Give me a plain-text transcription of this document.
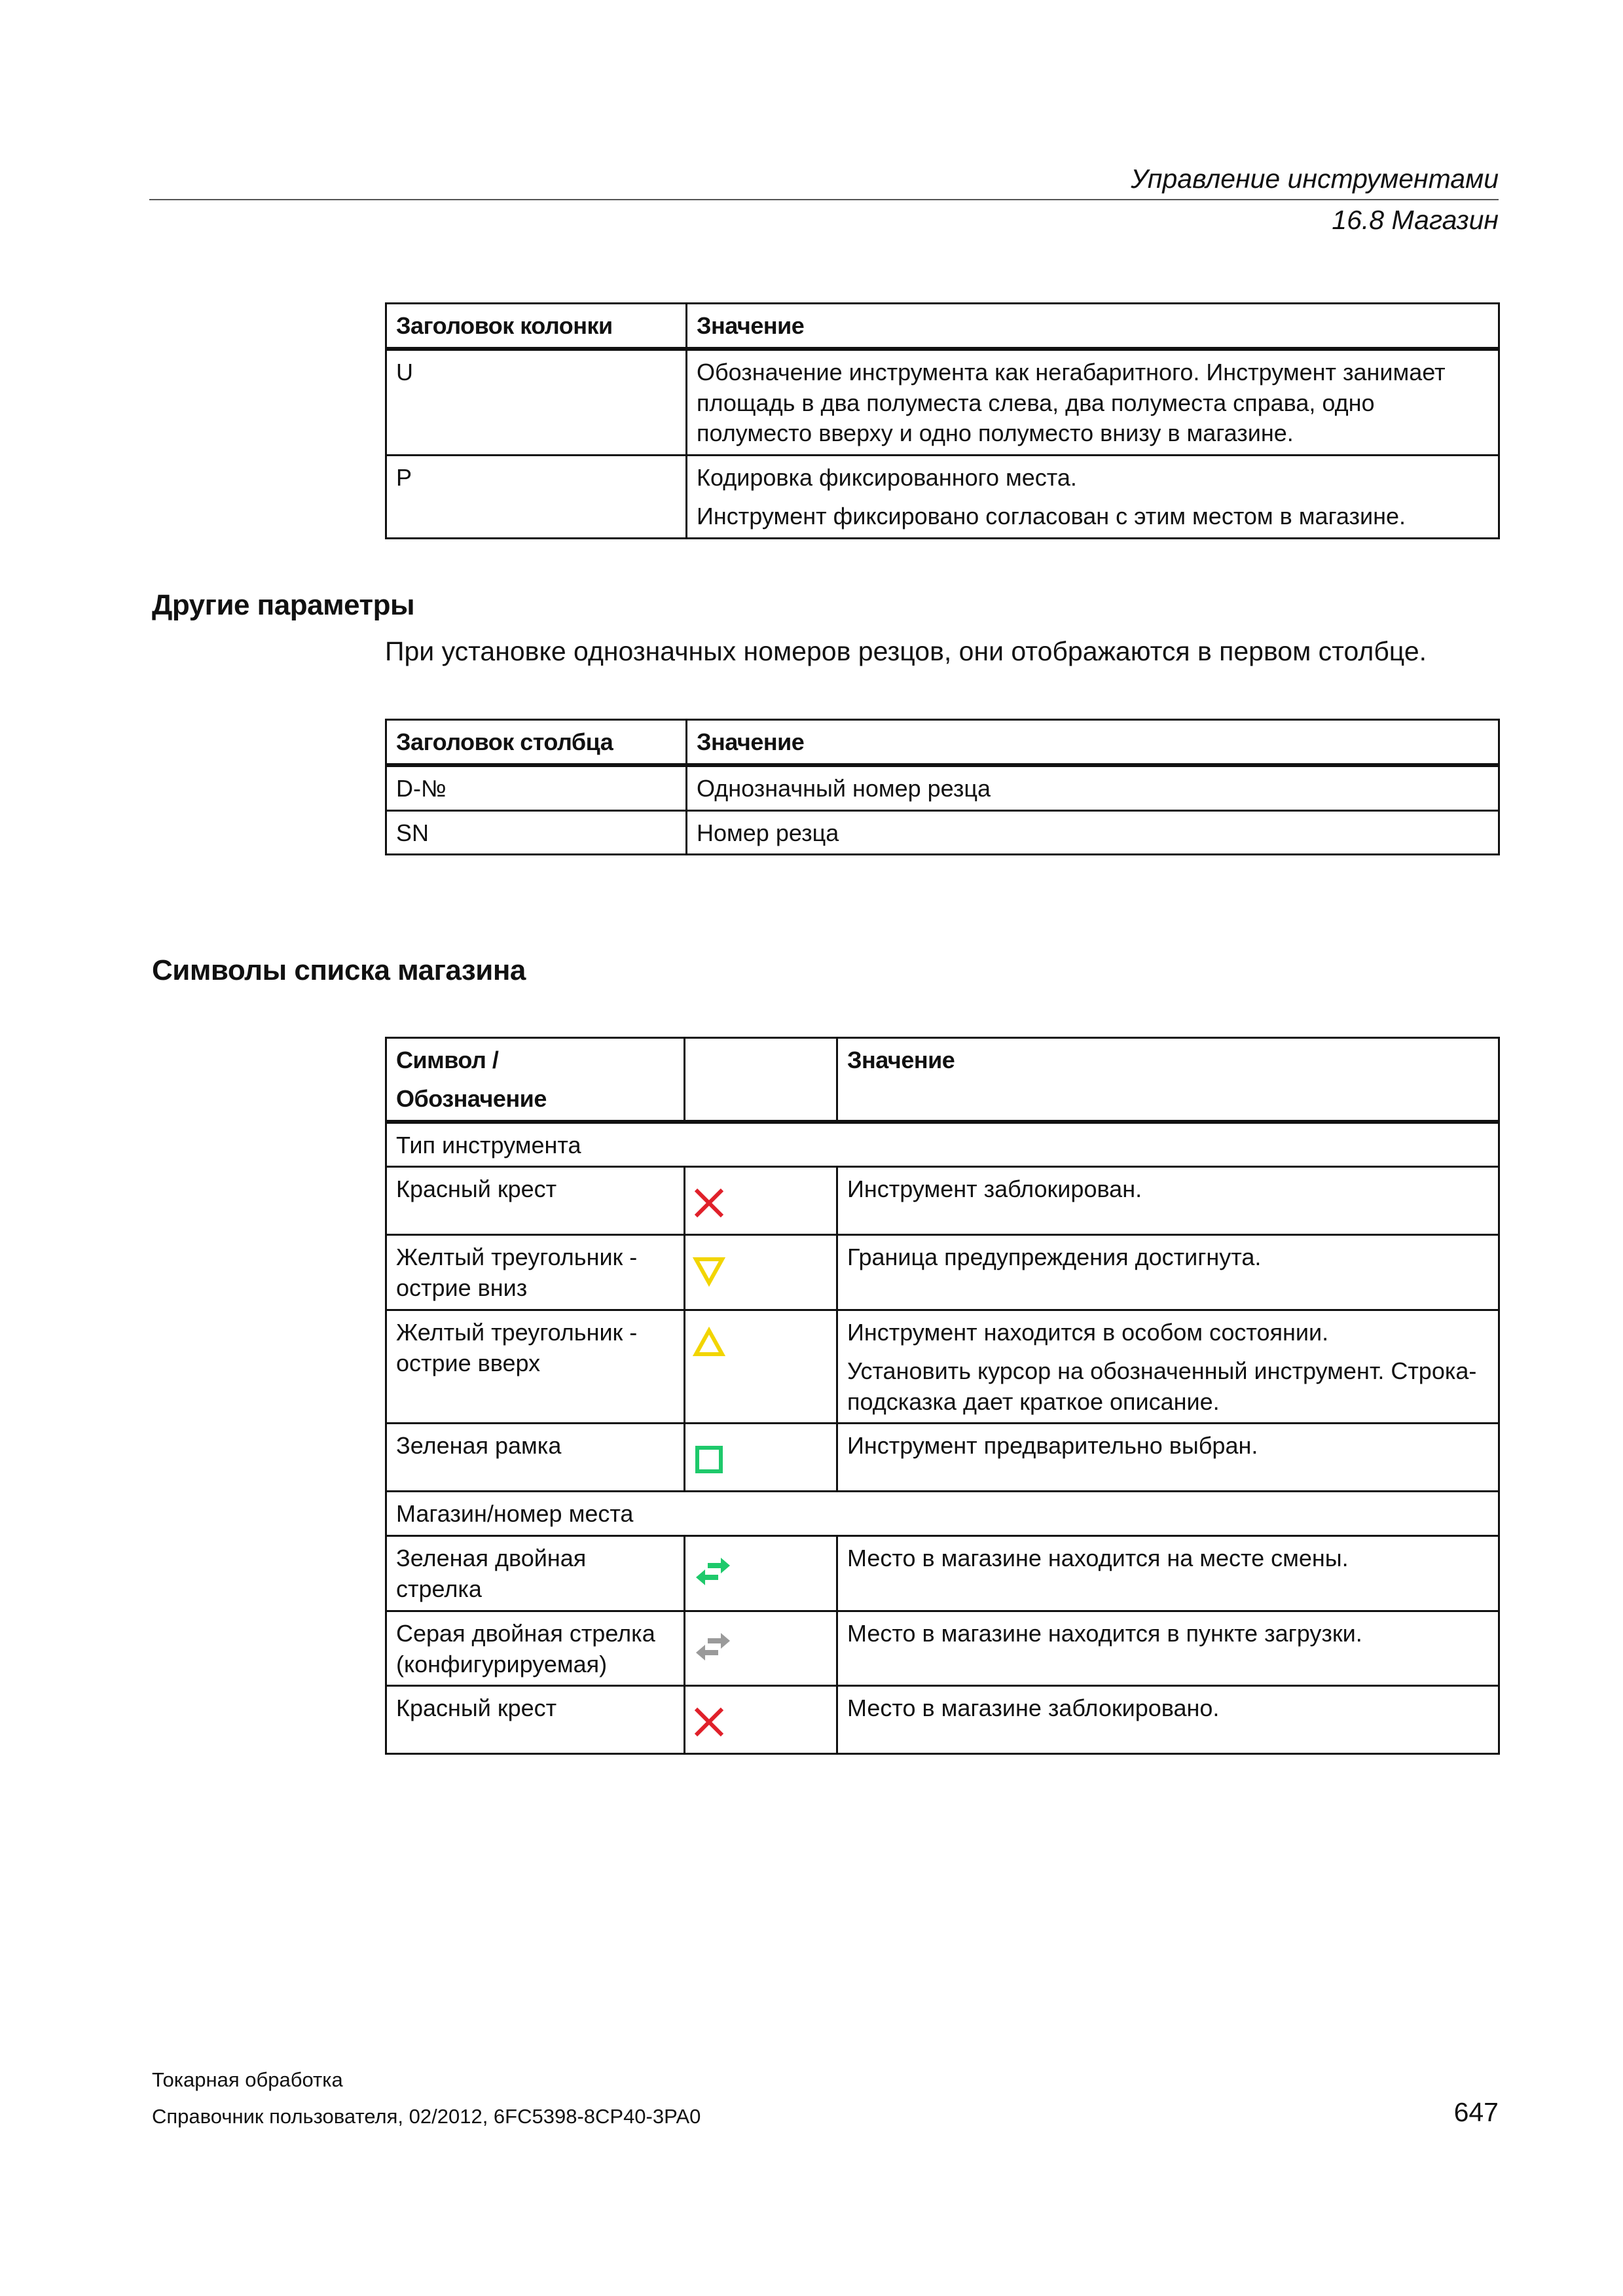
Управление инструментами
16.8 Магазин
Заголовок колонки	Значение
U	Обозначение инструмента как негабаритного. Инструмент занимает площадь в два полуместа слева, два полуместа справа, одно полуместо вверху и одно полуместо внизу в магазине.
P	Кодировка фиксированного места.
Инструмент фиксировано согласован с этим местом в магазине.
Другие параметры
При установке однозначных номеров резцов, они отображаются в первом столбце.
Заголовок столбца	Значение
D-№	Однозначный номер резца
SN	Номер резца
Символы списка магазина
Символ /
Обозначение		Значение
Тип инструмента		
Красный крест		Инструмент заблокирован.
Желтый треугольник - острие вниз		Граница предупреждения достигнута.
Желтый треугольник - острие вверх		Инструмент находится в особом состоянии.
Установить курсор на обозначенный инструмент. Строка-подсказка дает краткое описание.

Зеленая рамка		Инструмент предварительно выбран.
Магазин/номер места		
Зеленая двойная стрелка		Место в магазине находится на месте смены.
Серая двойная стрелка (конфигурируемая)		Место в магазине находится в пункте загрузки.
Красный крест		Место в магазине заблокировано.
Токарная обработка
Справочник пользователя, 02/2012, 6FC5398-8CP40-3PA0	647
